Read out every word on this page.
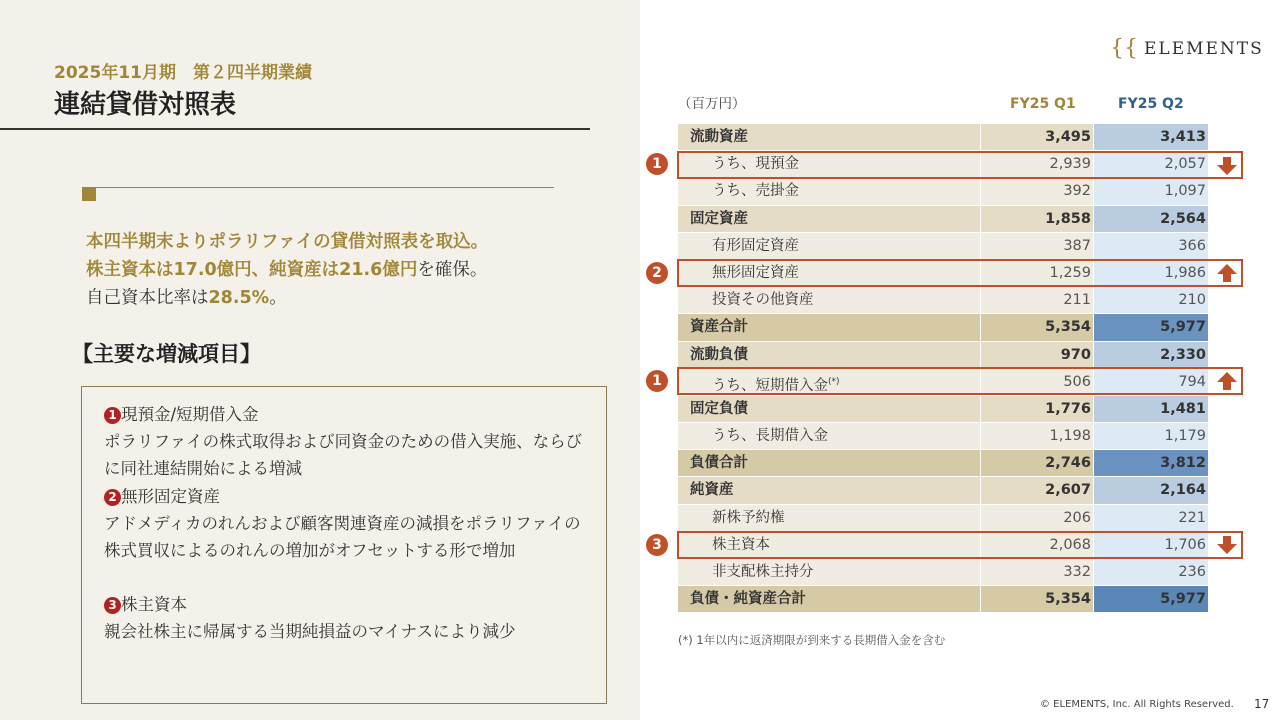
2025年11月期　第２四半期業績
連結貸借対照表
本四半期末よりポラリファイの貸借対照表を取込。
株主資本は17.0億円、純資産は21.6億円を確保。
自己資本比率は28.5%。
【主要な増減項目】
1 現預金/短期借入金
ポラリファイの株式取得および同資金のための借入実施、ならびに同社連結開始による増減
2 無形固定資産
アドメディカのれんおよび顧客関連資産の減損をポラリファイの株式買収によるのれんの増加がオフセットする形で増加
3 株主資本
親会社株主に帰属する当期純損益のマイナスにより減少
{{ ELEMENTS
（百万円）	FY25 Q1	FY25 Q2
流動資産	3,495	3,413
うち、現預金	2,939	2,057
うち、売掛金	392	1,097
固定資産	1,858	2,564
有形固定資産	387	366
無形固定資産	1,259	1,986
投資その他資産	211	210
資産合計	5,354	5,977
流動負債	970	2,330
うち、短期借入金(*)	506	794
固定負債	1,776	1,481
うち、長期借入金	1,198	1,179
負債合計	2,746	3,812
純資産	2,607	2,164
新株予約権	206	221
株主資本	2,068	1,706
非支配株主持分	332	236
負債・純資産合計	5,354	5,977
1
2
1
3
(*) 1年以内に返済期限が到来する長期借入金を含む
© ELEMENTS, Inc. All Rights Reserved. 17
